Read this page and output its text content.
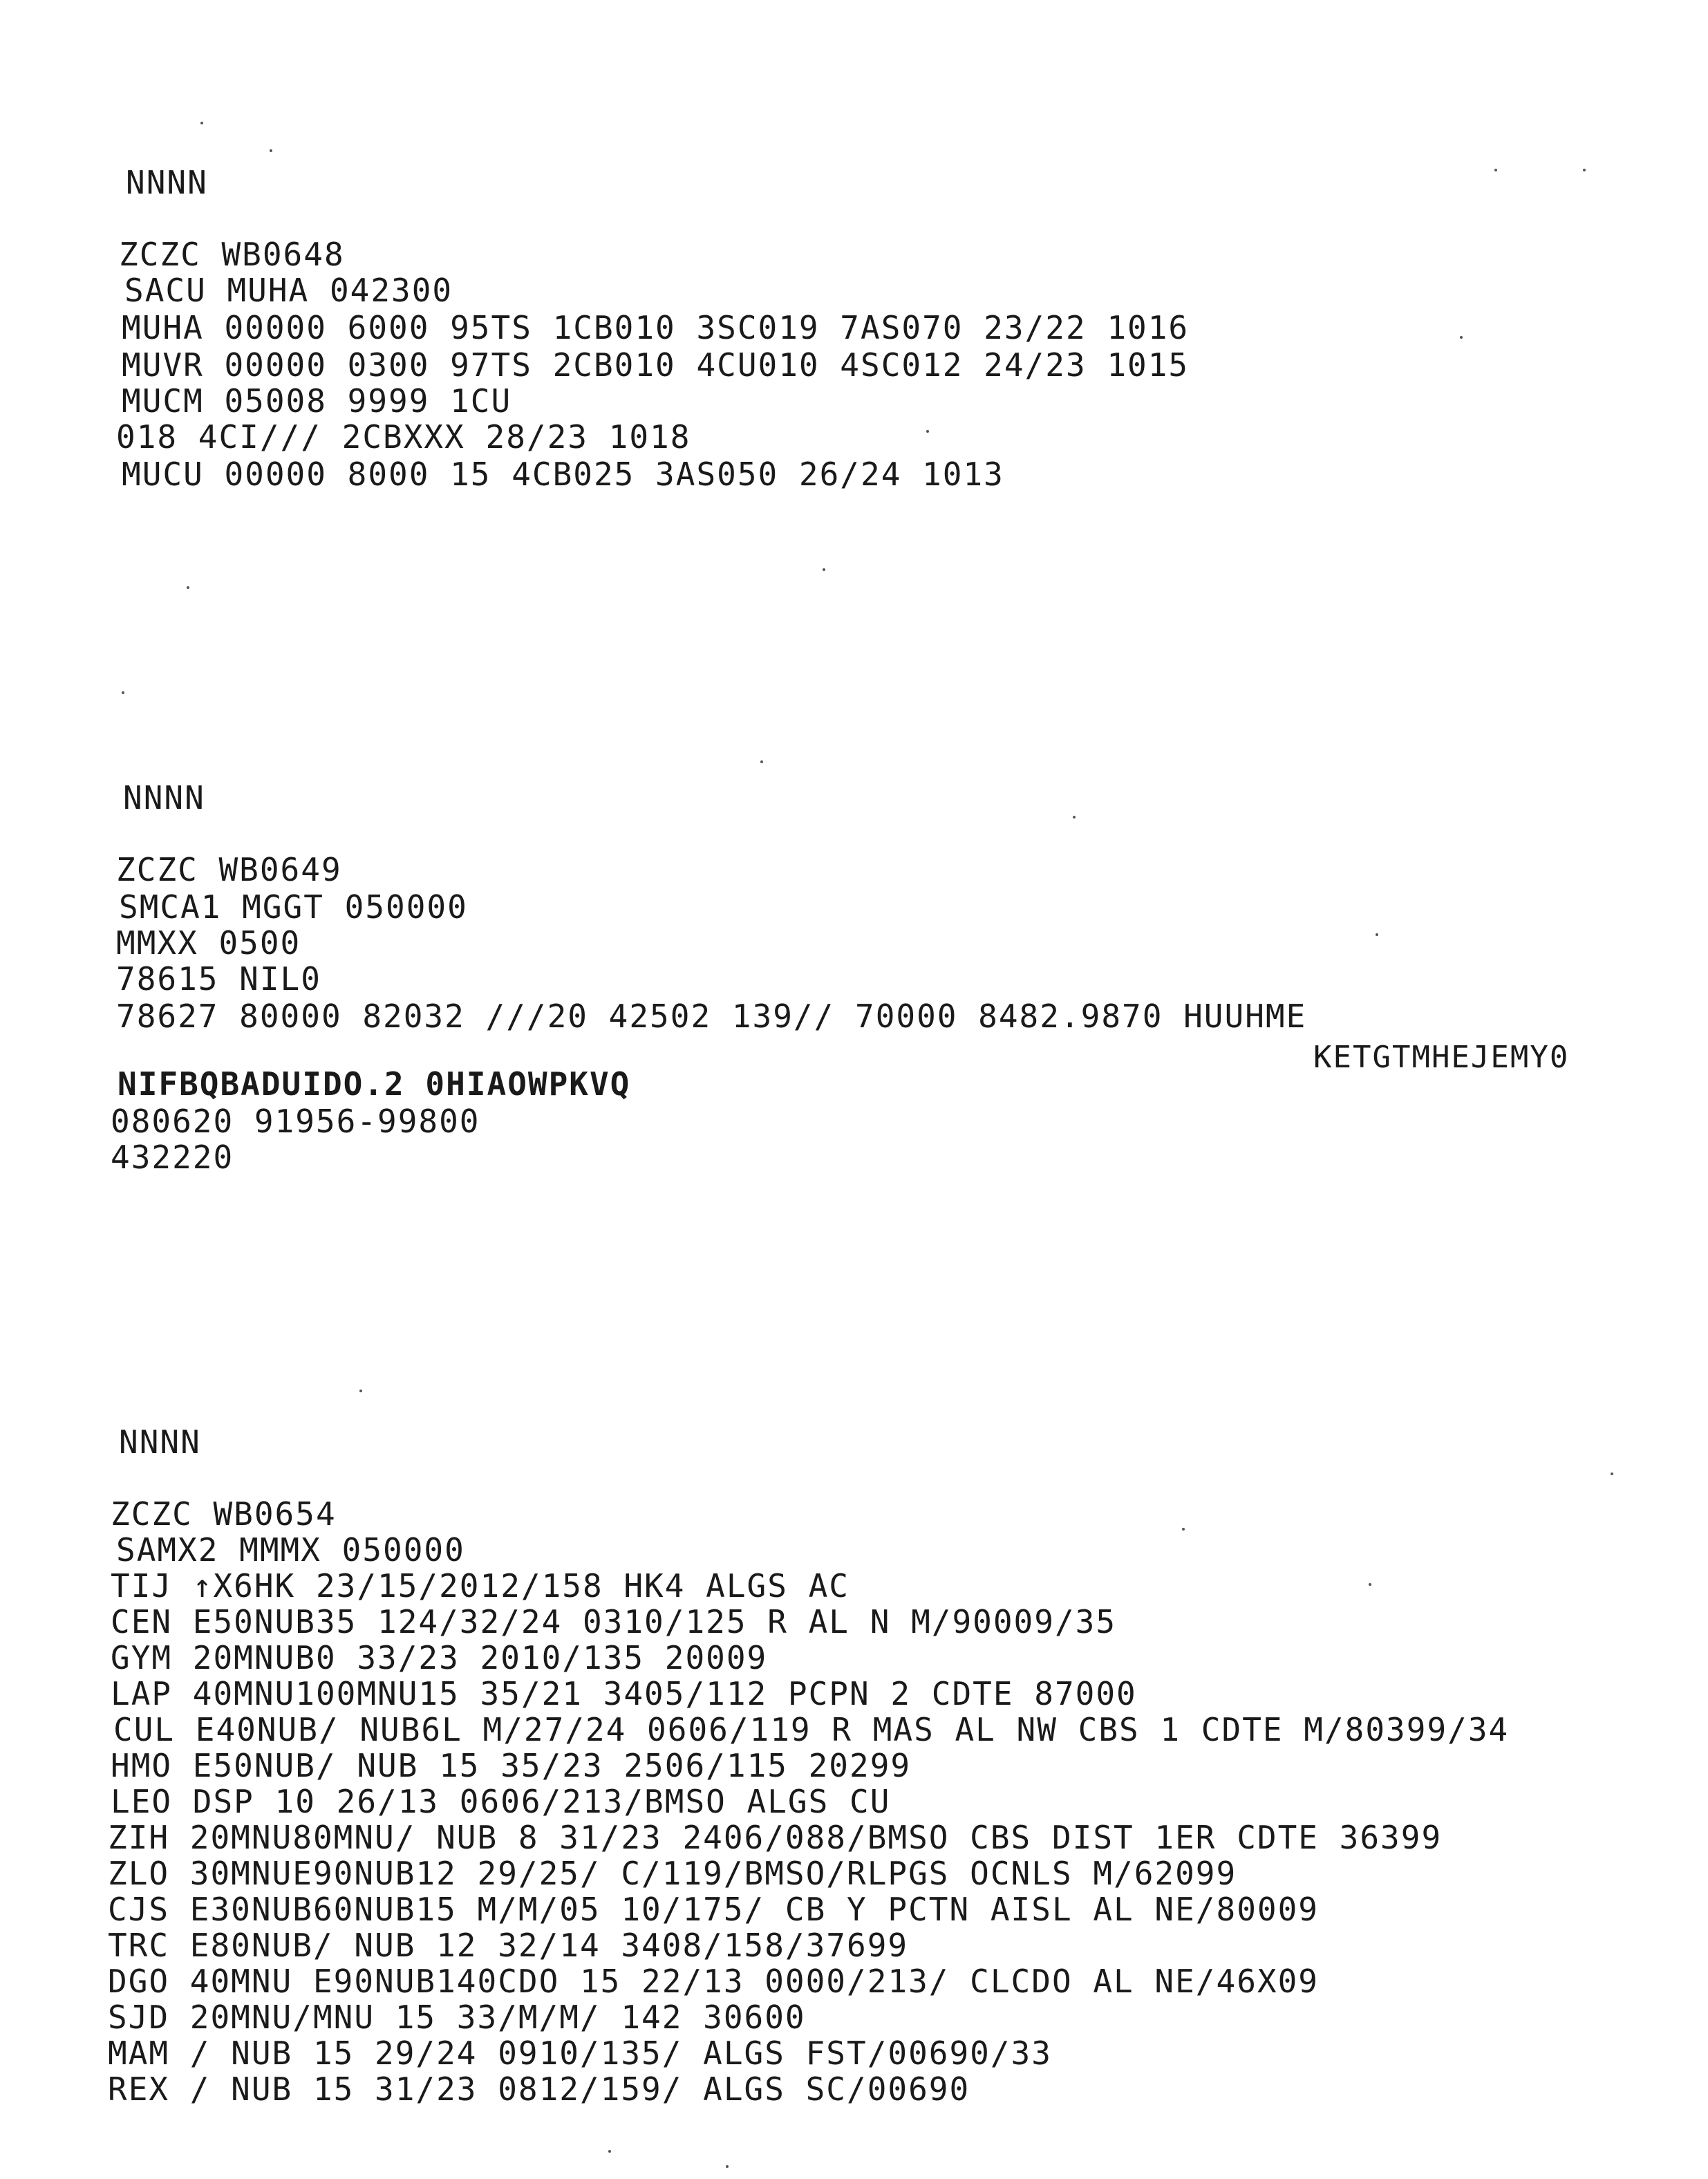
NNNN

ZCZC WB0648

SACU MUHA 042300

MUHA 00000 6000 95TS 1CB010 3SC019 7AS070 23/22 1016

MUVR 00000 0300 97TS 2CB010 4CU010 4SC012 24/23 1015

MUCM 05008 9999 1CU

018 4CI/// 2CBXXX 28/23 1018

MUCU 00000 8000 15 4CB025 3AS050 26/24 1013

NNNN

ZCZC WB0649

SMCA1 MGGT 050000

MMXX 0500

78615 NIL0

78627 80000 82032 ///20 42502 139// 70000 8482.9870 HUUHME

KETGTMHEJEMY0

NIFBQBADUIDO.2 0HIAOWPKVQ

080620 91956-99800

432220

NNNN

ZCZC WB0654

SAMX2 MMMX 050000

TIJ ↑X6HK 23/15/2012/158 HK4 ALGS AC

CEN E50NUB35 124/32/24 0310/125 R AL N M/90009/35

GYM 20MNUB0 33/23 2010/135 20009

LAP 40MNU100MNU15 35/21 3405/112 PCPN 2 CDTE 87000

CUL E40NUB/ NUB6L M/27/24 0606/119 R MAS AL NW CBS 1 CDTE M/80399/34

HMO E50NUB/ NUB 15 35/23 2506/115 20299

LEO DSP 10 26/13 0606/213/BMSO ALGS CU

ZIH 20MNU80MNU/ NUB 8 31/23 2406/088/BMSO CBS DIST 1ER CDTE 36399

ZLO 30MNUE90NUB12 29/25/ C/119/BMSO/RLPGS OCNLS M/62099

CJS E30NUB60NUB15 M/M/05 10/175/ CB Y PCTN AISL AL NE/80009

TRC E80NUB/ NUB 12 32/14 3408/158/37699

DGO 40MNU E90NUB140CDO 15 22/13 0000/213/ CLCDO AL NE/46X09

SJD 20MNU/MNU 15 33/M/M/ 142 30600

MAM / NUB 15 29/24 0910/135/ ALGS FST/00690/33

REX / NUB 15 31/23 0812/159/ ALGS SC/00690
